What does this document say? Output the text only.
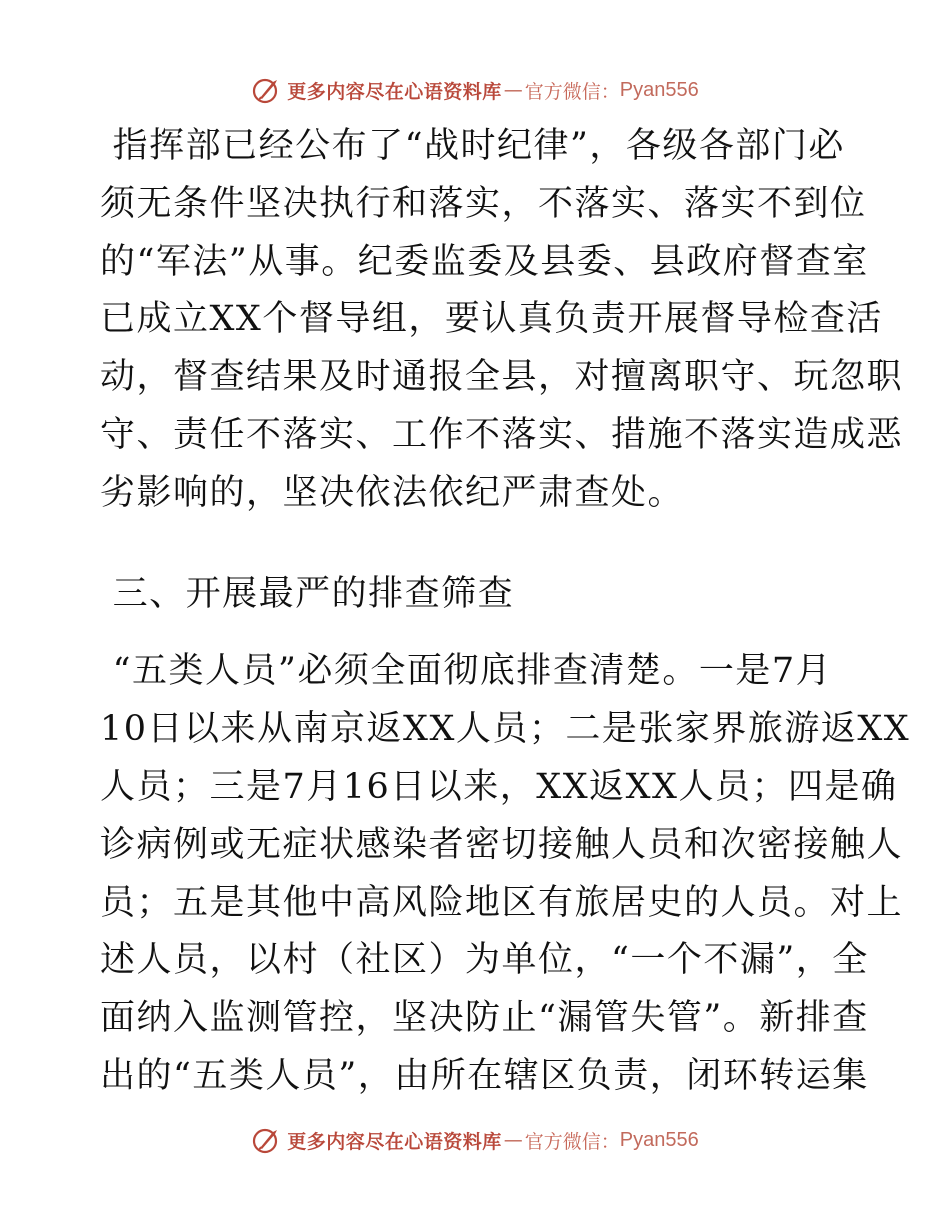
更多内容尽在心语资料库 — 官方微信： Pyan556
指挥部已经公布了“战时纪律”，各级各部门必
须无条件坚决执行和落实，不落实、落实不到位
的“军法”从事。纪委监委及县委、县政府督查室
已成立XX个督导组，要认真负责开展督导检查活
动，督查结果及时通报全县，对擅离职守、玩忽职
守、责任不落实、工作不落实、措施不落实造成恶
劣影响的，坚决依法依纪严肃查处。
三、开展最严的排查筛查
“五类人员”必须全面彻底排查清楚。一是7月
10日以来从南京返XX人员；二是张家界旅游返XX
人员；三是7月16日以来，XX返XX人员；四是确
诊病例或无症状感染者密切接触人员和次密接触人
员；五是其他中高风险地区有旅居史的人员。对上
述人员，以村（社区）为单位，“一个不漏”，全
面纳入监测管控，坚决防止“漏管失管”。新排查
出的“五类人员”，由所在辖区负责，闭环转运集
更多内容尽在心语资料库 — 官方微信： Pyan556
